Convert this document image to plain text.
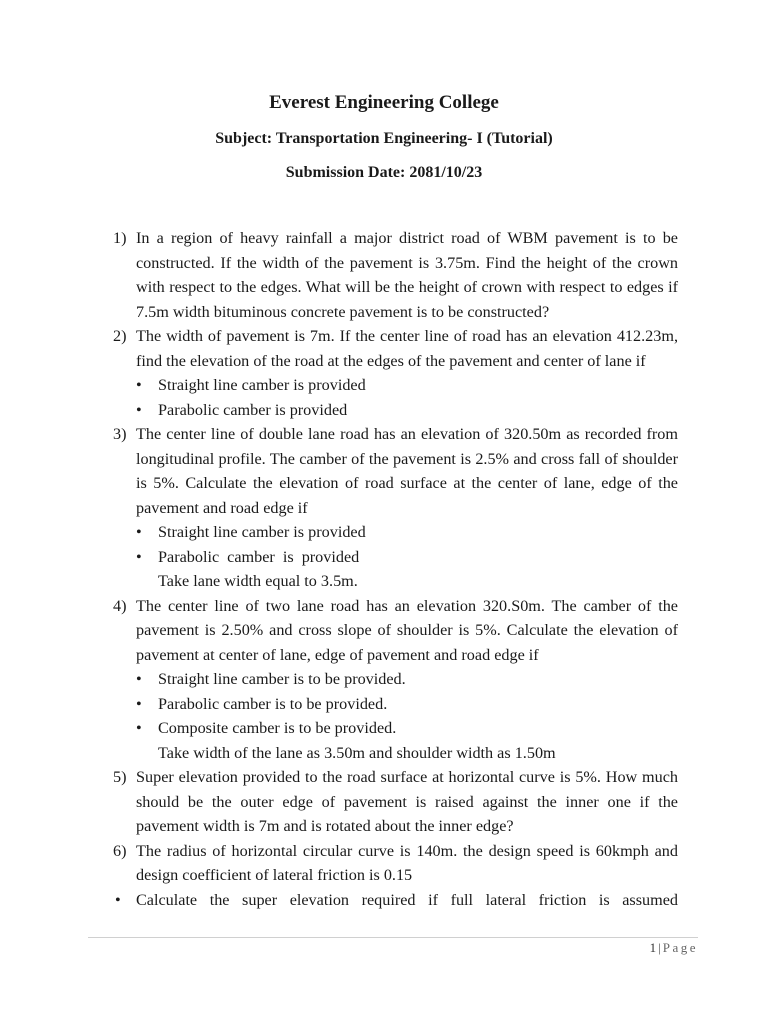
Everest Engineering College
Subject: Transportation Engineering- I (Tutorial)
Submission Date: 2081/10/23
1) In a region of heavy rainfall a major district road of WBM pavement is to be constructed. If the width of the pavement is 3.75m. Find the height of the crown with respect to the edges. What will be the height of crown with respect to edges if 7.5m width bituminous concrete pavement is to be constructed?
2) The width of pavement is 7m. If the center line of road has an elevation 412.23m, find the elevation of the road at the edges of the pavement and center of lane if
• Straight line camber is provided
• Parabolic camber is provided
3) The center line of double lane road has an elevation of 320.50m as recorded from longitudinal profile. The camber of the pavement is 2.5% and cross fall of shoulder is 5%. Calculate the elevation of road surface at the center of lane, edge of the pavement and road edge if
• Straight line camber is provided
• Parabolic camber is provided
Take lane width equal to 3.5m.
4) The center line of two lane road has an elevation 320.S0m. The camber of the pavement is 2.50% and cross slope of shoulder is 5%. Calculate the elevation of pavement at center of lane, edge of pavement and road edge if
• Straight line camber is to be provided.
• Parabolic camber is to be provided.
• Composite camber is to be provided.
Take width of the lane as 3.50m and shoulder width as 1.50m
5) Super elevation provided to the road surface at horizontal curve is 5%. How much should be the outer edge of pavement is raised against the inner one if the pavement width is 7m and is rotated about the inner edge?
6) The radius of horizontal circular curve is 140m. the design speed is 60kmph and design coefficient of lateral friction is 0.15
• Calculate the super elevation required if full lateral friction is assumed
1 | Page
